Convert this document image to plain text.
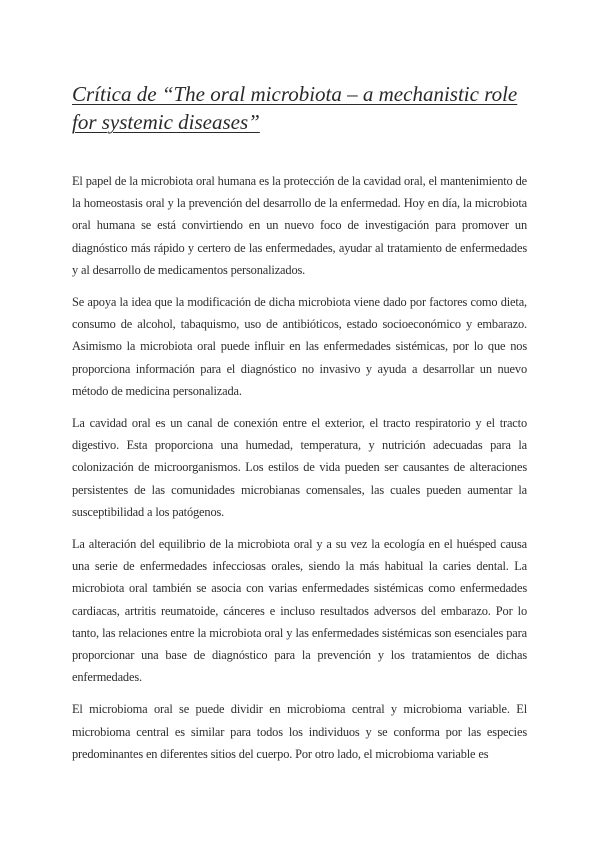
Crítica de “The oral microbiota – a mechanistic role for systemic diseases”

El papel de la microbiota oral humana es la protección de la cavidad oral, el mantenimiento de la homeostasis oral y la prevención del desarrollo de la enfermedad. Hoy en día, la microbiota oral humana se está convirtiendo en un nuevo foco de investigación para promover un diagnóstico más rápido y certero de las enfermedades, ayudar al tratamiento de enfermedades y al desarrollo de medicamentos personalizados.

Se apoya la idea que la modificación de dicha microbiota viene dado por factores como dieta, consumo de alcohol, tabaquismo, uso de antibióticos, estado socioeconómico y embarazo. Asimismo la microbiota oral puede influir en las enfermedades sistémicas, por lo que nos proporciona información para el diagnóstico no invasivo y ayuda a desarrollar un nuevo método de medicina personalizada.

La cavidad oral es un canal de conexión entre el exterior, el tracto respiratorio y el tracto digestivo. Esta proporciona una humedad, temperatura, y nutrición adecuadas para la colonización de microorganismos. Los estilos de vida pueden ser causantes de alteraciones persistentes de las comunidades microbianas comensales, las cuales pueden aumentar la susceptibilidad a los patógenos.

La alteración del equilibrio de la microbiota oral y a su vez la ecología en el huésped causa una serie de enfermedades infecciosas orales, siendo la más habitual la caries dental. La microbiota oral también se asocia con varias enfermedades sistémicas como enfermedades cardiacas, artritis reumatoide, cánceres e incluso resultados adversos del embarazo. Por lo tanto, las relaciones entre la microbiota oral y las enfermedades sistémicas son esenciales para proporcionar una base de diagnóstico para la prevención y los tratamientos de dichas enfermedades.

El microbioma oral se puede dividir en microbioma central y microbioma variable. El microbioma central es similar para todos los individuos y se conforma por las especies predominantes en diferentes sitios del cuerpo. Por otro lado, el microbioma variable es
